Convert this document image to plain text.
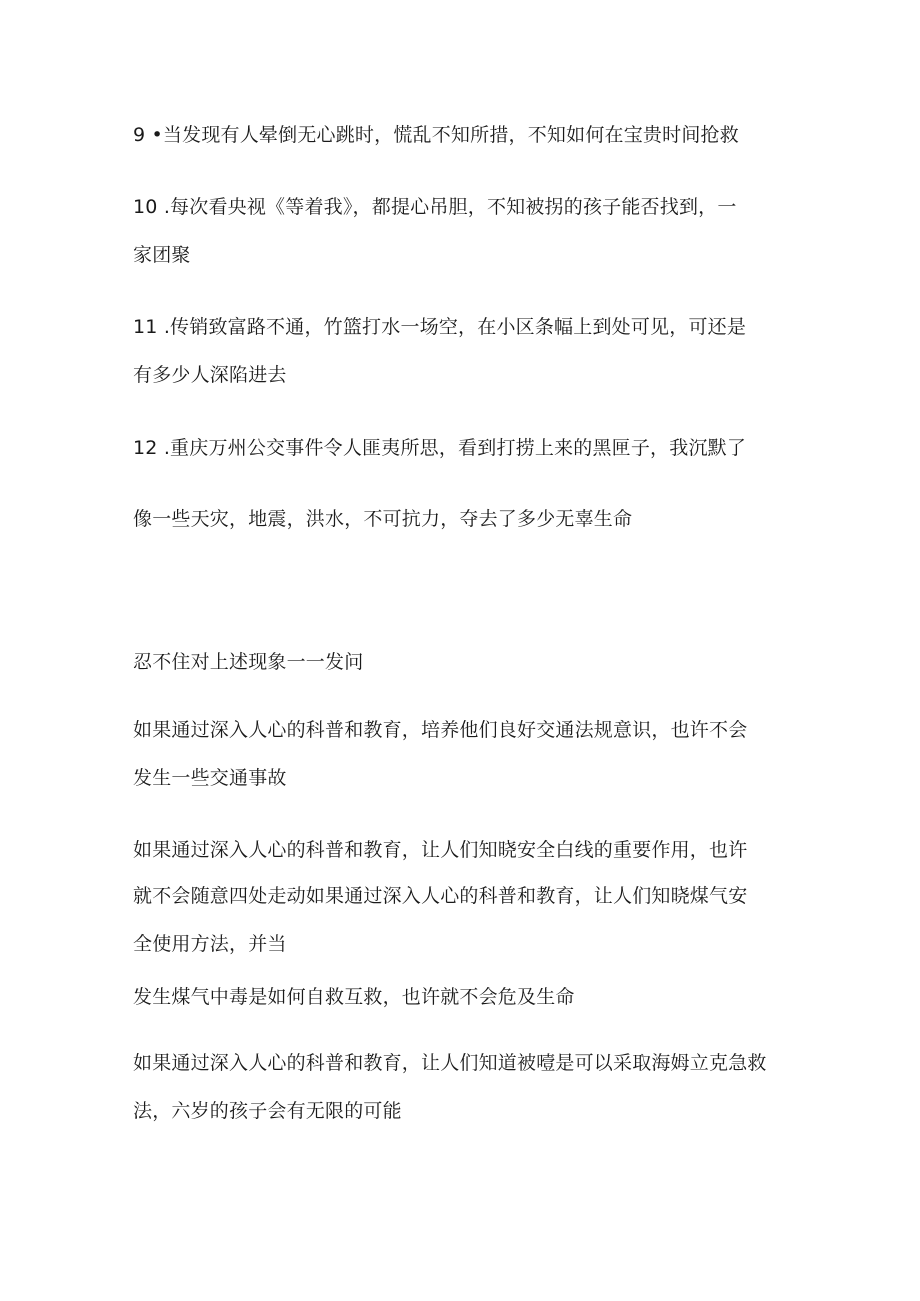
9 •当发现有人晕倒无心跳时，慌乱不知所措，不知如何在宝贵时间抢救
10 .每次看央视《等着我》，都提心吊胆，不知被拐的孩子能否找到，一
家团聚
11 .传销致富路不通，竹篮打水一场空，在小区条幅上到处可见，可还是
有多少人深陷进去
12 .重庆万州公交事件令人匪夷所思，看到打捞上来的黑匣子，我沉默了
像一些天灾，地震，洪水，不可抗力，夺去了多少无辜生命
忍不住对上述现象一一发问
如果通过深入人心的科普和教育，培养他们良好交通法规意识，也许不会
发生一些交通事故
如果通过深入人心的科普和教育，让人们知晓安全白线的重要作用，也许
就不会随意四处走动如果通过深入人心的科普和教育，让人们知晓煤气安
全使用方法，并当
发生煤气中毒是如何自救互救，也许就不会危及生命
如果通过深入人心的科普和教育，让人们知道被噎是可以采取海姆立克急救
法，六岁的孩子会有无限的可能
